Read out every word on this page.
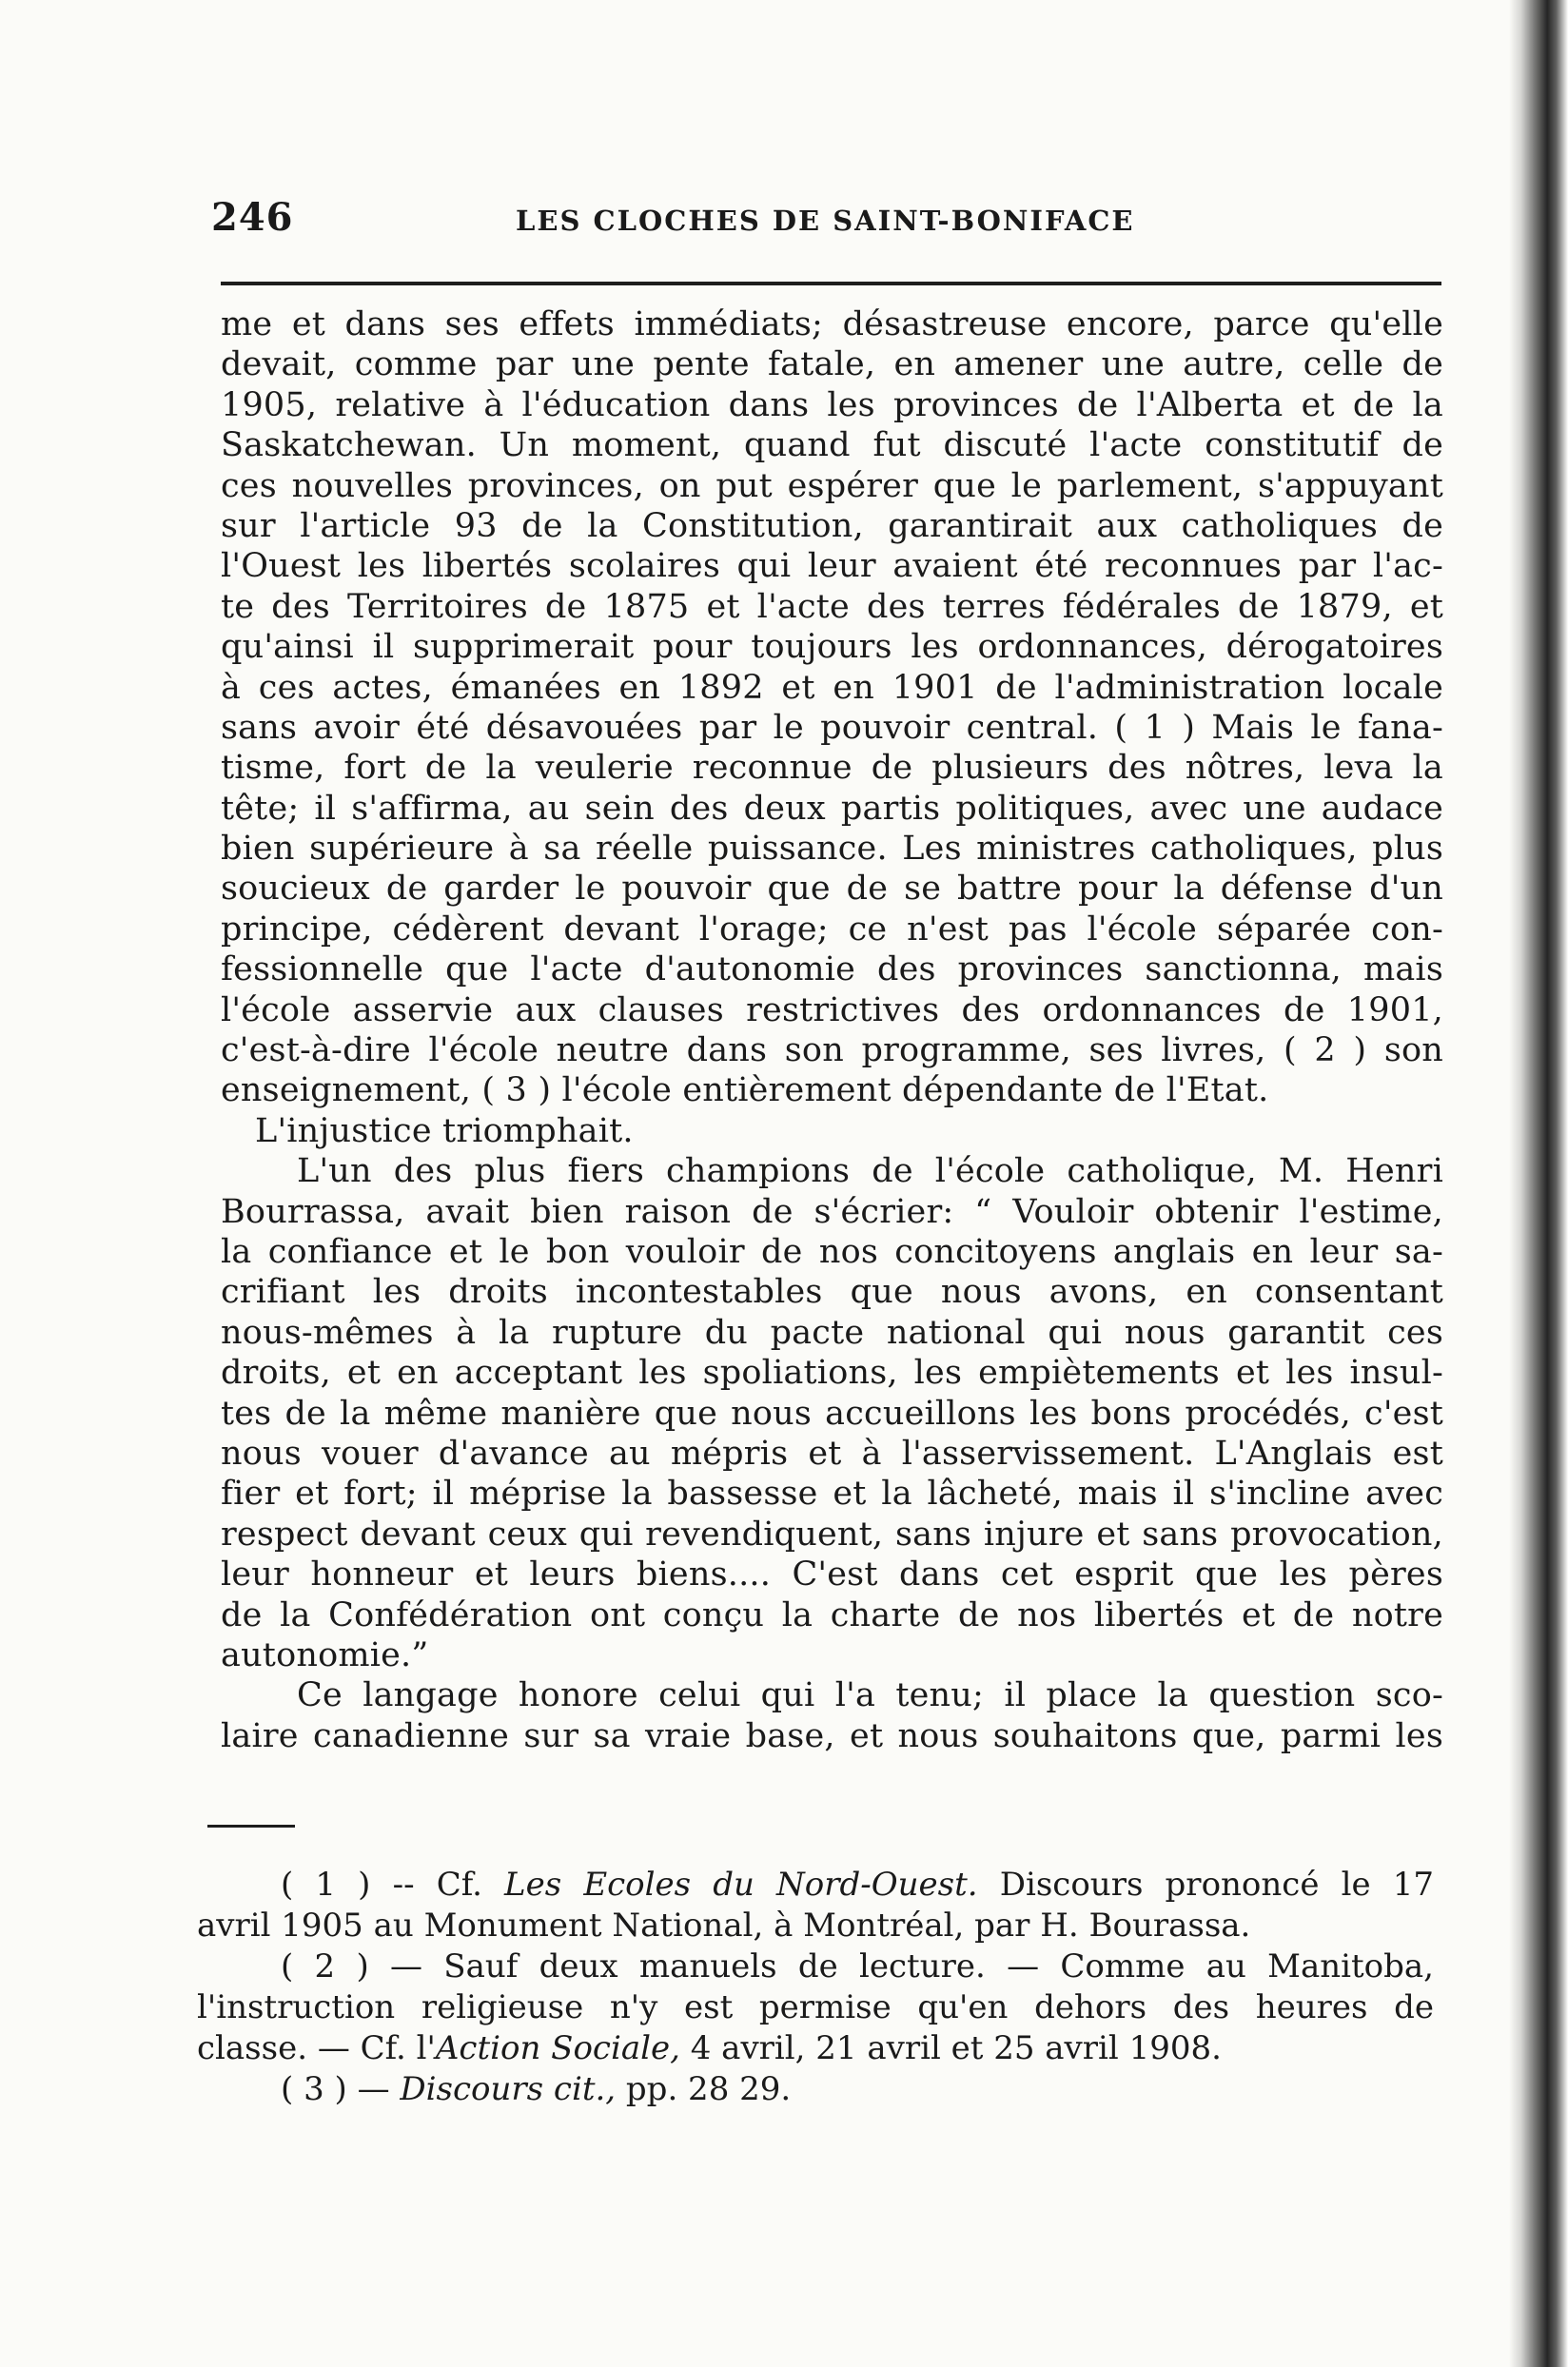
246	LES CLOCHES DE SAINT-BONIFACE
me et dans ses effets immédiats; désastreuse encore, parce qu'elle
devait, comme par une pente fatale, en amener une autre, celle de
1905, relative à l'éducation dans les provinces de l'Alberta et de la
Saskatchewan. Un moment, quand fut discuté l'acte constitutif de
ces nouvelles provinces, on put espérer que le parlement, s'appuyant
sur l'article 93 de la Constitution, garantirait aux catholiques de
l'Ouest les libertés scolaires qui leur avaient été reconnues par l'ac-
te des Territoires de 1875 et l'acte des terres fédérales de 1879, et
qu'ainsi il supprimerait pour toujours les ordonnances, dérogatoires
à ces actes, émanées en 1892 et en 1901 de l'administration locale
sans avoir été désavouées par le pouvoir central. ( 1 ) Mais le fana-
tisme, fort de la veulerie reconnue de plusieurs des nôtres, leva la
tête; il s'affirma, au sein des deux partis politiques, avec une audace
bien supérieure à sa réelle puissance. Les ministres catholiques, plus
soucieux de garder le pouvoir que de se battre pour la défense d'un
principe, cédèrent devant l'orage; ce n'est pas l'école séparée con-
fessionnelle que l'acte d'autonomie des provinces sanctionna, mais
l'école asservie aux clauses restrictives des ordonnances de 1901,
c'est-à-dire l'école neutre dans son programme, ses livres, ( 2 ) son
enseignement, ( 3 ) l'école entièrement dépendante de l'Etat.
L'injustice triomphait.
L'un des plus fiers champions de l'école catholique, M. Henri
Bourrassa, avait bien raison de s'écrier: “ Vouloir obtenir l'estime,
la confiance et le bon vouloir de nos concitoyens anglais en leur sa-
crifiant les droits incontestables que nous avons, en consentant
nous-mêmes à la rupture du pacte national qui nous garantit ces
droits, et en acceptant les spoliations, les empiètements et les insul-
tes de la même manière que nous accueillons les bons procédés, c'est
nous vouer d'avance au mépris et à l'asservissement. L'Anglais est
fier et fort; il méprise la bassesse et la lâcheté, mais il s'incline avec
respect devant ceux qui revendiquent, sans injure et sans provocation,
leur honneur et leurs biens.... C'est dans cet esprit que les pères
de la Confédération ont conçu la charte de nos libertés et de notre
autonomie.”
Ce langage honore celui qui l'a tenu; il place la question sco-
laire canadienne sur sa vraie base, et nous souhaitons que, parmi les
( 1 ) -- Cf. Les Ecoles du Nord-Ouest. Discours prononcé le 17
avril 1905 au Monument National, à Montréal, par H. Bourassa.
( 2 ) — Sauf deux manuels de lecture. — Comme au Manitoba,
l'instruction religieuse n'y est permise qu'en dehors des heures de
classe. — Cf. l'Action Sociale, 4 avril, 21 avril et 25 avril 1908.
( 3 ) — Discours cit., pp. 28 29.
